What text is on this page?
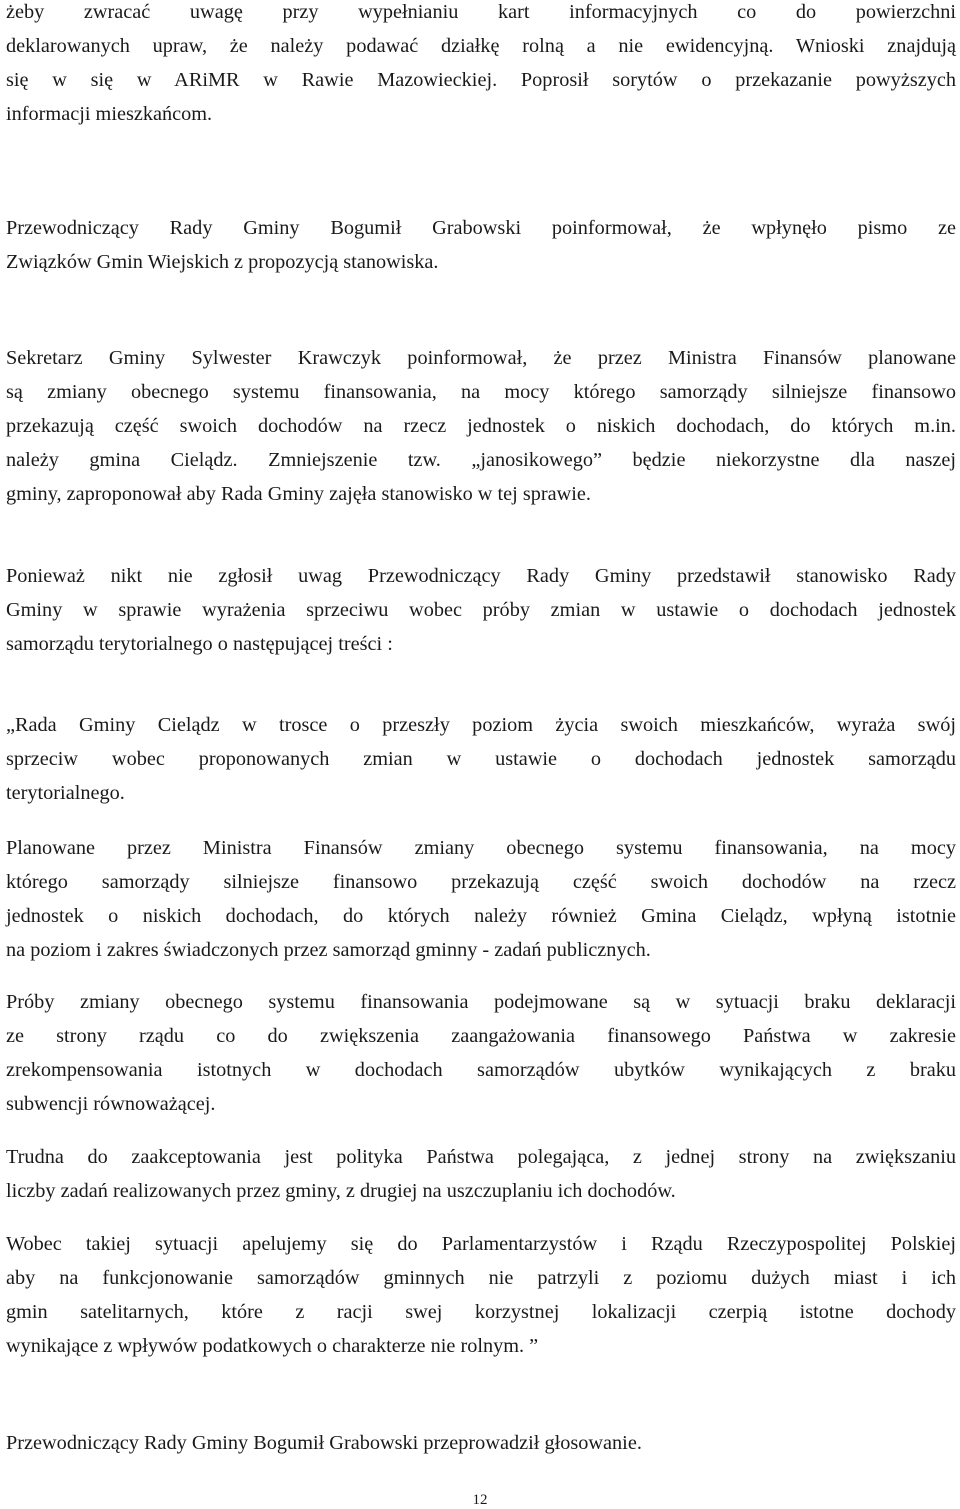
żeby zwracać uwagę przy wypełnianiu kart informacyjnych co do powierzchni
deklarowanych upraw, że należy podawać działkę rolną a nie ewidencyjną. Wnioski znajdują
się w się w ARiMR w Rawie Mazowieckiej. Poprosił sorytów o przekazanie powyższych
informacji mieszkańcom.
Przewodniczący Rady Gminy Bogumił Grabowski poinformował, że wpłynęło pismo ze
Związków Gmin Wiejskich z propozycją stanowiska.
Sekretarz Gminy Sylwester Krawczyk poinformował, że przez Ministra Finansów planowane
są zmiany obecnego systemu finansowania, na mocy którego samorządy silniejsze finansowo
przekazują część swoich dochodów na rzecz jednostek o niskich dochodach, do których m.in.
należy gmina Cielądz. Zmniejszenie tzw. „janosikowego” będzie niekorzystne dla naszej
gminy, zaproponował aby Rada Gminy zajęła stanowisko w tej sprawie.
Ponieważ nikt nie zgłosił uwag Przewodniczący Rady Gminy przedstawił stanowisko Rady
Gminy w sprawie wyrażenia sprzeciwu wobec próby zmian w ustawie o dochodach jednostek
samorządu terytorialnego o następującej treści :
„Rada Gminy Cielądz w trosce o przeszły poziom życia swoich mieszkańców, wyraża swój
sprzeciw wobec proponowanych zmian w ustawie o dochodach jednostek samorządu
terytorialnego.
Planowane przez Ministra Finansów zmiany obecnego systemu finansowania, na mocy
którego samorządy silniejsze finansowo przekazują część swoich dochodów na rzecz
jednostek o niskich dochodach, do których należy również Gmina Cielądz, wpłyną istotnie
na poziom i zakres świadczonych przez samorząd gminny - zadań publicznych.
Próby zmiany obecnego systemu finansowania podejmowane są w sytuacji braku deklaracji
ze strony rządu co do zwiększenia zaangażowania finansowego Państwa w zakresie
zrekompensowania istotnych w dochodach samorządów ubytków wynikających z braku
subwencji równoważącej.
Trudna do zaakceptowania jest polityka Państwa polegająca, z jednej strony na zwiększaniu
liczby zadań realizowanych przez gminy, z drugiej na uszczuplaniu ich dochodów.
Wobec takiej sytuacji apelujemy się do Parlamentarzystów i Rządu Rzeczypospolitej Polskiej
aby na funkcjonowanie samorządów gminnych nie patrzyli z poziomu dużych miast i ich
gmin satelitarnych, które z racji swej korzystnej lokalizacji czerpią istotne dochody
wynikające z wpływów podatkowych o charakterze nie rolnym. ”
Przewodniczący Rady Gminy Bogumił Grabowski przeprowadził głosowanie.
12
